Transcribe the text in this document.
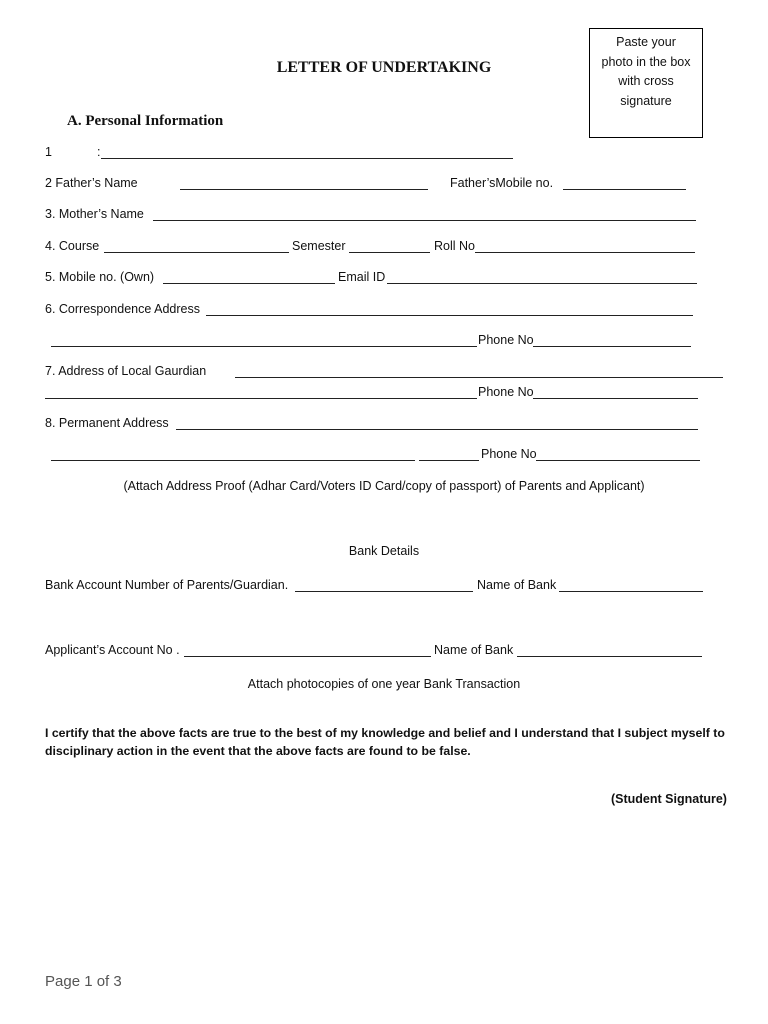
Paste your
photo in the box
with cross
signature
LETTER OF UNDERTAKING
A. Personal Information
1	:
2 Father’s Name	Father’sMobile no.
3. Mother’s Name
4. Course	Semester	Roll No
5. Mobile no. (Own)	Email ID
6. Correspondence Address
Phone No
7. Address of Local Gaurdian
Phone No
8. Permanent Address
Phone No
(Attach Address Proof (Adhar Card/Voters ID Card/copy of passport) of Parents and Applicant)
Bank Details
Bank Account Number of Parents/Guardian.	Name of Bank
Applicant’s Account No .	Name of Bank
Attach photocopies of one year Bank Transaction
I certify that the above facts are true to the best of my knowledge and belief and I understand that I subject myself to
disciplinary action in the event that the above facts are found to be false.
(Student Signature)
Page 1 of 3
